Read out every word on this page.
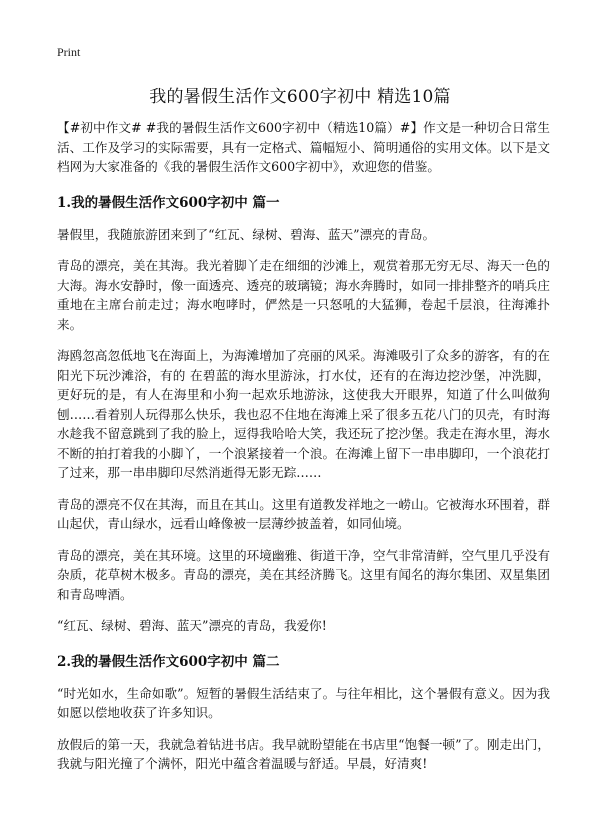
Print
我的暑假生活作文600字初中 精选10篇

【#初中作文# #我的暑假生活作文600字初中（精选10篇）#】作文是一种切合日常生活、工作及学习的实际需要，具有一定格式、篇幅短小、简明通俗的实用文体。以下是文档网为大家准备的《我的暑假生活作文600字初中》，欢迎您的借鉴。

1.我的暑假生活作文600字初中 篇一

暑假里，我随旅游团来到了“红瓦、绿树、碧海、蓝天”漂亮的青岛。

青岛的漂亮，美在其海。我光着脚丫走在细细的沙滩上，观赏着那无穷无尽、海天一色的大海。海水安静时，像一面透亮、透亮的玻璃镜；海水奔腾时，如同一排排整齐的哨兵庄重地在主席台前走过；海水咆哮时，俨然是一只怒吼的大猛狮，卷起千层浪，往海滩扑来。

海鸥忽高忽低地飞在海面上，为海滩增加了亮丽的风采。海滩吸引了众多的游客，有的在阳光下玩沙滩浴，有的 在碧蓝的海水里游泳，打水仗，还有的在海边挖沙堡，冲洗脚，更好玩的是，有人在海里和小狗一起欢乐地游泳，这使我大开眼界，知道了什么叫做狗刨……看着别人玩得那么快乐，我也忍不住地在海滩上采了很多五花八门的贝壳，有时海水趁我不留意跳到了我的脸上，逗得我哈哈大笑，我还玩了挖沙堡。我走在海水里，海水不断的拍打着我的小脚丫，一个浪紧接着一个浪。在海滩上留下一串串脚印，一个浪花打了过来，那一串串脚印尽然消逝得无影无踪……

青岛的漂亮不仅在其海，而且在其山。这里有道教发祥地之一崂山。它被海水环围着，群山起伏，青山绿水，远看山峰像被一层薄纱披盖着，如同仙境。

青岛的漂亮，美在其环境。这里的环境幽雅、街道干净，空气非常清鲜，空气里几乎没有杂质，花草树木极多。青岛的漂亮，美在其经济腾飞。这里有闻名的海尔集团、双星集团和青岛啤酒。

“红瓦、绿树、碧海、蓝天”漂亮的青岛，我爱你!

2.我的暑假生活作文600字初中 篇二

“时光如水，生命如歌”。短暂的暑假生活结束了。与往年相比，这个暑假有意义。因为我如愿以偿地收获了许多知识。

放假后的第一天，我就急着钻进书店。我早就盼望能在书店里“饱餐一顿”了。刚走出门，我就与阳光撞了个满怀，阳光中蕴含着温暖与舒适。早晨，好清爽!
